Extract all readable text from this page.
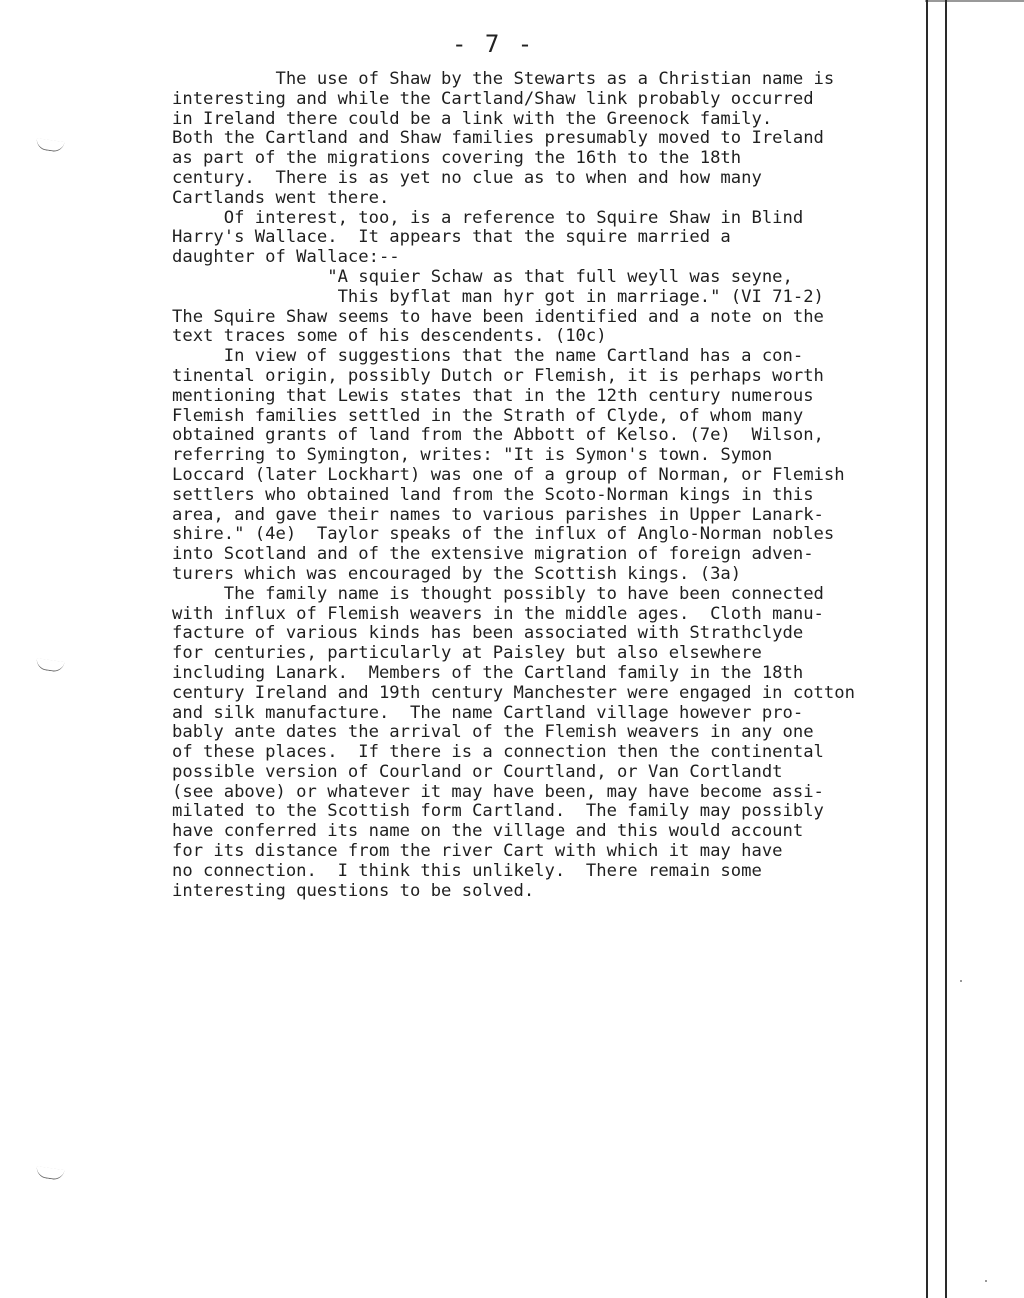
- 7 -
The use of Shaw by the Stewarts as a Christian name is
interesting and while the Cartland/Shaw link probably occurred
in Ireland there could be a link with the Greenock family.
Both the Cartland and Shaw families presumably moved to Ireland
as part of the migrations covering the 16th to the 18th
century.  There is as yet no clue as to when and how many
Cartlands went there.
Of interest, too, is a reference to Squire Shaw in Blind
Harry's Wallace.  It appears that the squire married a
daughter of Wallace:--
"A squier Schaw as that full weyll was seyne,
This byflat man hyr got in marriage." (VI 71-2)
The Squire Shaw seems to have been identified and a note on the
text traces some of his descendents. (10c)
In view of suggestions that the name Cartland has a con-
tinental origin, possibly Dutch or Flemish, it is perhaps worth
mentioning that Lewis states that in the 12th century numerous
Flemish families settled in the Strath of Clyde, of whom many
obtained grants of land from the Abbott of Kelso. (7e)  Wilson,
referring to Symington, writes: "It is Symon's town. Symon
Loccard (later Lockhart) was one of a group of Norman, or Flemish
settlers who obtained land from the Scoto-Norman kings in this
area, and gave their names to various parishes in Upper Lanark-
shire." (4e)  Taylor speaks of the influx of Anglo-Norman nobles
into Scotland and of the extensive migration of foreign adven-
turers which was encouraged by the Scottish kings. (3a)
The family name is thought possibly to have been connected
with influx of Flemish weavers in the middle ages.  Cloth manu-
facture of various kinds has been associated with Strathclyde
for centuries, particularly at Paisley but also elsewhere
including Lanark.  Members of the Cartland family in the 18th
century Ireland and 19th century Manchester were engaged in cotton
and silk manufacture.  The name Cartland village however pro-
bably ante dates the arrival of the Flemish weavers in any one
of these places.  If there is a connection then the continental
possible version of Courland or Courtland, or Van Cortlandt
(see above) or whatever it may have been, may have become assi-
milated to the Scottish form Cartland.  The family may possibly
have conferred its name on the village and this would account
for its distance from the river Cart with which it may have
no connection.  I think this unlikely.  There remain some
interesting questions to be solved.
